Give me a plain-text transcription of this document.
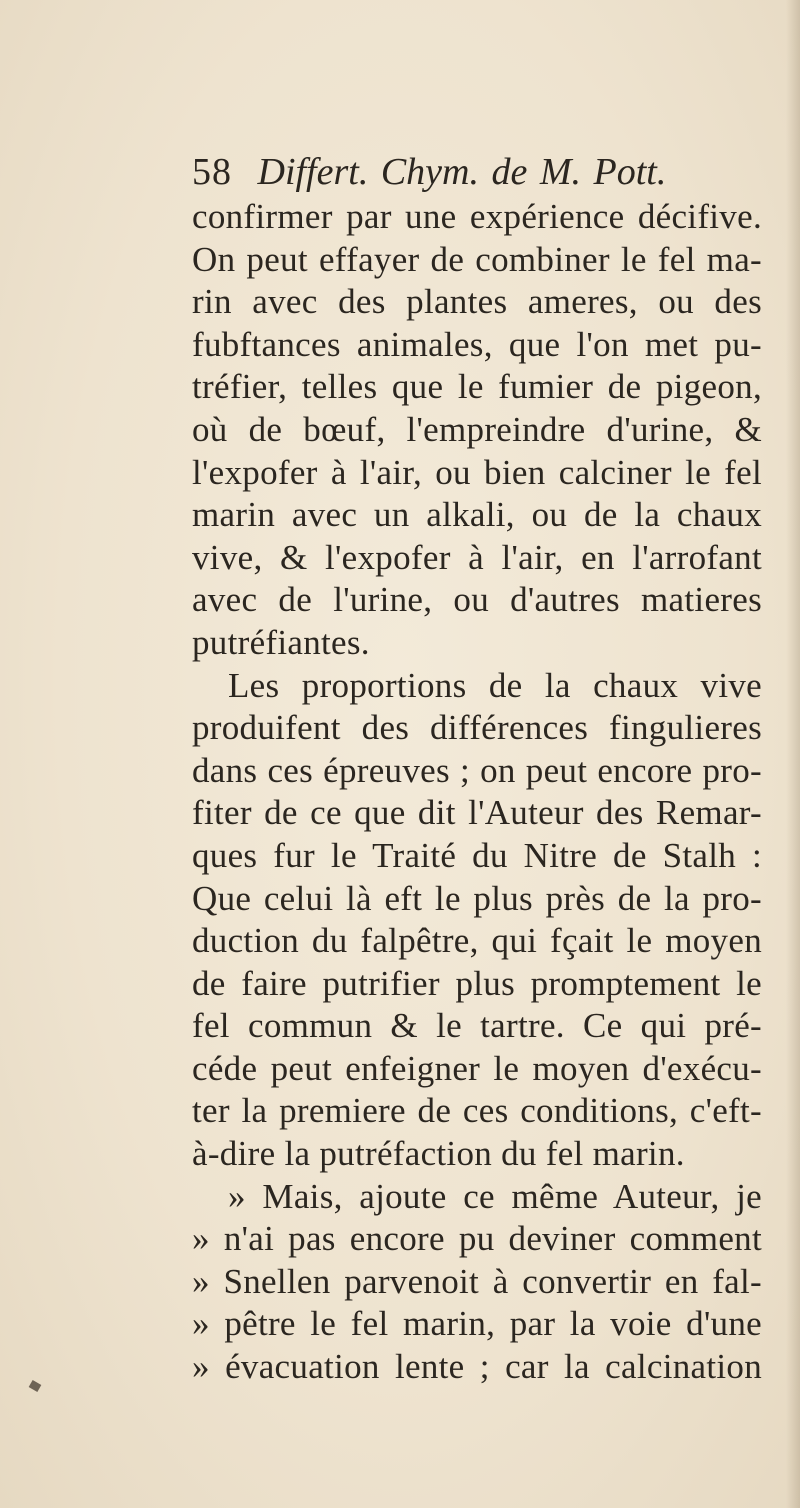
58 Differt. Chym. de M. Pott.
confirmer par une expérience décifive.
On peut effayer de combiner le fel ma-
rin avec des plantes ameres, ou des
fubftances animales, que l'on met pu-
tréfier, telles que le fumier de pigeon,
où de bœuf, l'empreindre d'urine, &
l'expofer à l'air, ou bien calciner le fel
marin avec un alkali, ou de la chaux
vive, & l'expofer à l'air, en l'arrofant
avec de l'urine, ou d'autres matieres
putréfiantes.
Les proportions de la chaux vive
produifent des différences fingulieres
dans ces épreuves ; on peut encore pro-
fiter de ce que dit l'Auteur des Remar-
ques fur le Traité du Nitre de Stalh :
Que celui là eft le plus près de la pro-
duction du falpêtre, qui fçait le moyen
de faire putrifier plus promptement le
fel commun & le tartre. Ce qui pré-
céde peut enfeigner le moyen d'exécu-
ter la premiere de ces conditions, c'eft-
à-dire la putréfaction du fel marin.
» Mais, ajoute ce même Auteur, je
» n'ai pas encore pu deviner comment
» Snellen parvenoit à convertir en fal-
» pêtre le fel marin, par la voie d'une
» évacuation lente ; car la calcination
